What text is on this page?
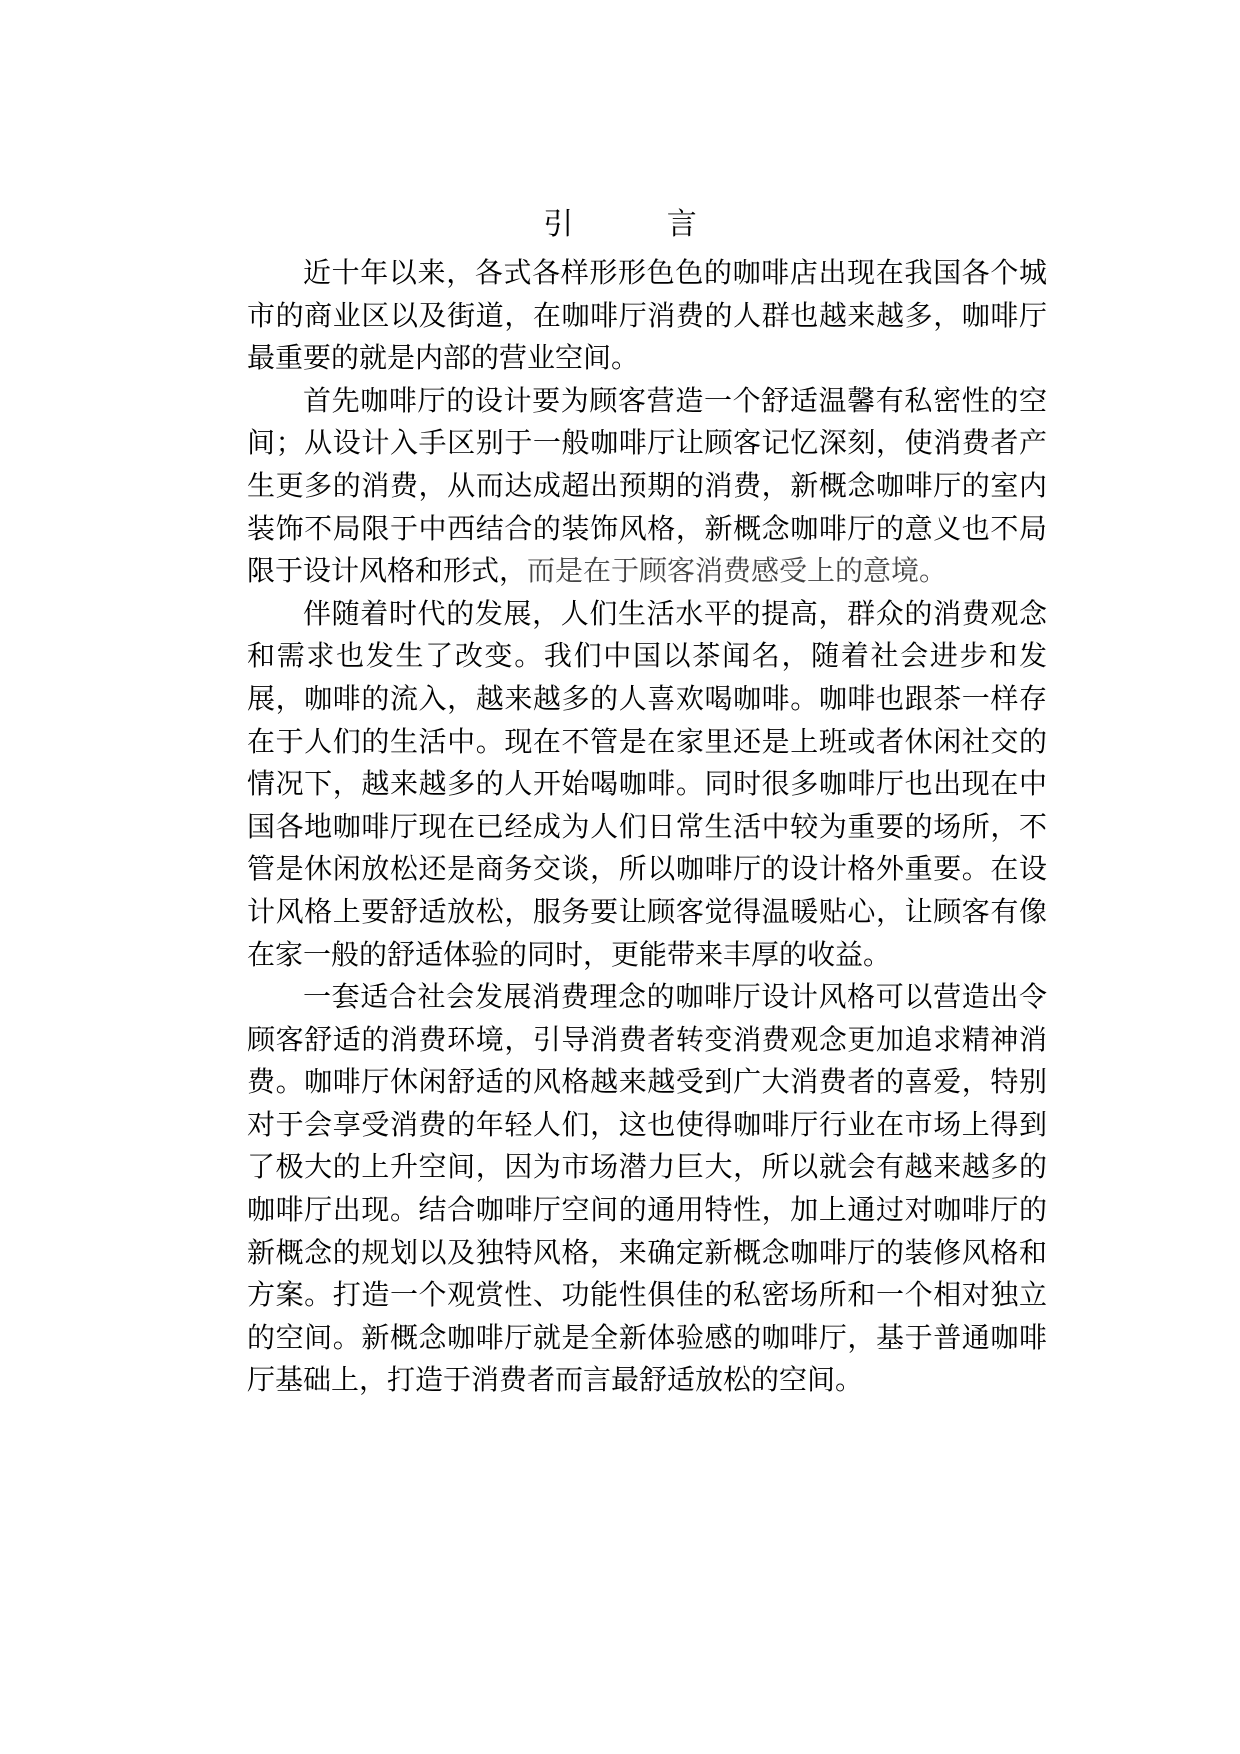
引 言

近十年以来，各式各样形形色色的咖啡店出现在我国各个城市的商业区以及街道，在咖啡厅消费的人群也越来越多，咖啡厅最重要的就是内部的营业空间。

首先咖啡厅的设计要为顾客营造一个舒适温馨有私密性的空间；从设计入手区别于一般咖啡厅让顾客记忆深刻，使消费者产生更多的消费，从而达成超出预期的消费，新概念咖啡厅的室内装饰不局限于中西结合的装饰风格，新概念咖啡厅的意义也不局限于设计风格和形式，而是在于顾客消费感受上的意境。

伴随着时代的发展，人们生活水平的提高，群众的消费观念和需求也发生了改变。我们中国以茶闻名，随着社会进步和发展，咖啡的流入，越来越多的人喜欢喝咖啡。咖啡也跟茶一样存在于人们的生活中。现在不管是在家里还是上班或者休闲社交的情况下，越来越多的人开始喝咖啡。同时很多咖啡厅也出现在中国各地咖啡厅现在已经成为人们日常生活中较为重要的场所，不管是休闲放松还是商务交谈，所以咖啡厅的设计格外重要。在设计风格上要舒适放松，服务要让顾客觉得温暖贴心，让顾客有像在家一般的舒适体验的同时，更能带来丰厚的收益。

一套适合社会发展消费理念的咖啡厅设计风格可以营造出令顾客舒适的消费环境，引导消费者转变消费观念更加追求精神消费。咖啡厅休闲舒适的风格越来越受到广大消费者的喜爱，特别对于会享受消费的年轻人们，这也使得咖啡厅行业在市场上得到了极大的上升空间，因为市场潜力巨大，所以就会有越来越多的咖啡厅出现。结合咖啡厅空间的通用特性，加上通过对咖啡厅的新概念的规划以及独特风格，来确定新概念咖啡厅的装修风格和方案。打造一个观赏性、功能性俱佳的私密场所和一个相对独立的空间。新概念咖啡厅就是全新体验感的咖啡厅，基于普通咖啡厅基础上，打造于消费者而言最舒适放松的空间。
